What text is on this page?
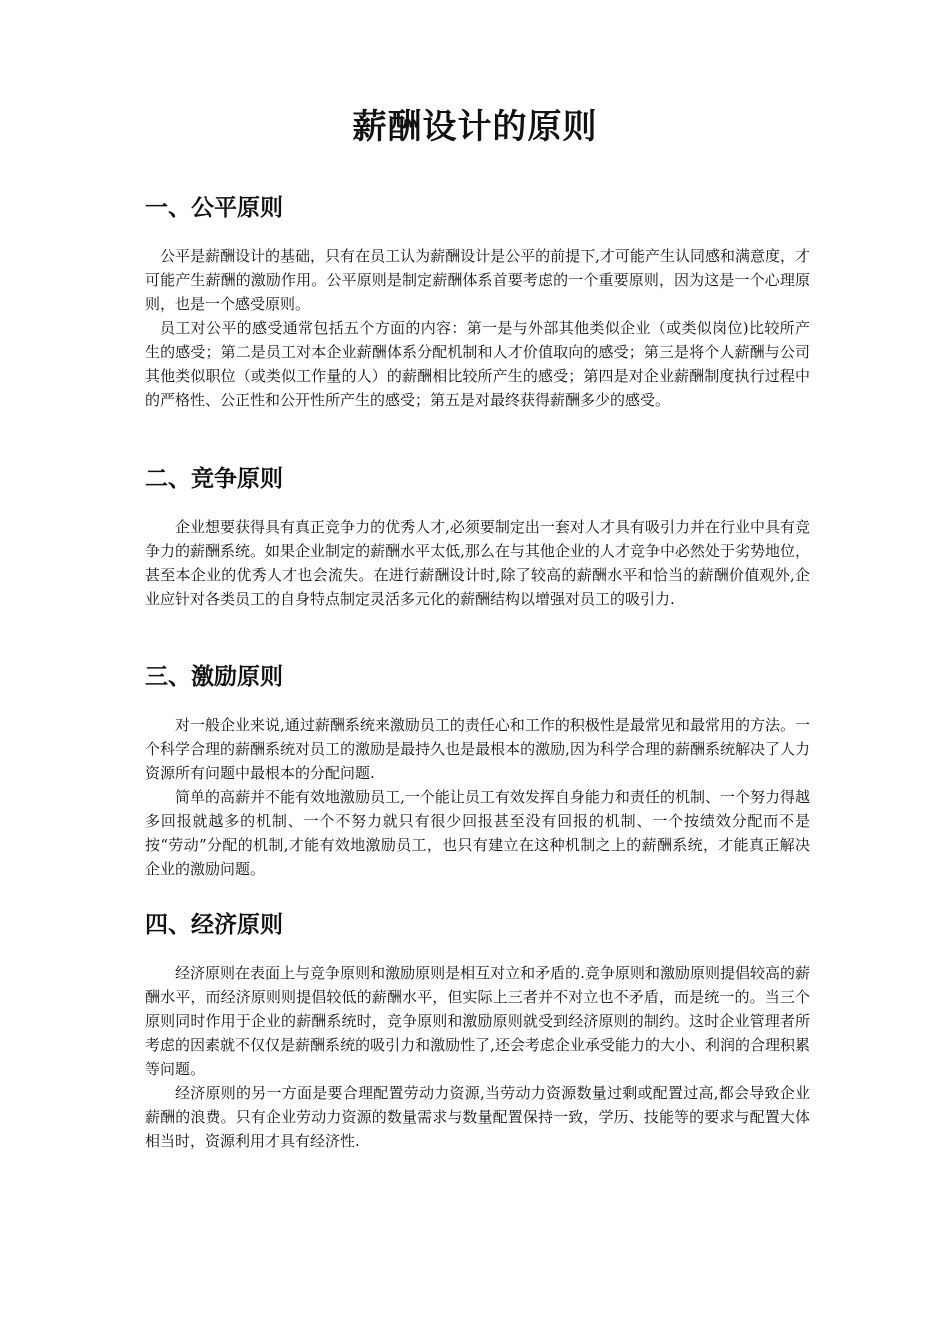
薪酬设计的原则
一、公平原则

公平是薪酬设计的基础，只有在员工认为薪酬设计是公平的前提下,才可能产生认同感和满意度，才可能产生薪酬的激励作用。公平原则是制定薪酬体系首要考虑的一个重要原则，因为这是一个心理原则，也是一个感受原则。

员工对公平的感受通常包括五个方面的内容：第一是与外部其他类似企业（或类似岗位)比较所产生的感受；第二是员工对本企业薪酬体系分配机制和人才价值取向的感受；第三是将个人薪酬与公司其他类似职位（或类似工作量的人）的薪酬相比较所产生的感受；第四是对企业薪酬制度执行过程中的严格性、公正性和公开性所产生的感受；第五是对最终获得薪酬多少的感受。

二、竞争原则

企业想要获得具有真正竞争力的优秀人才,必须要制定出一套对人才具有吸引力并在行业中具有竞争力的薪酬系统。如果企业制定的薪酬水平太低,那么在与其他企业的人才竞争中必然处于劣势地位，甚至本企业的优秀人才也会流失。在进行薪酬设计时,除了较高的薪酬水平和恰当的薪酬价值观外,企业应针对各类员工的自身特点制定灵活多元化的薪酬结构以增强对员工的吸引力.

三、激励原则

对一般企业来说,通过薪酬系统来激励员工的责任心和工作的积极性是最常见和最常用的方法。一个科学合理的薪酬系统对员工的激励是最持久也是最根本的激励,因为科学合理的薪酬系统解决了人力资源所有问题中最根本的分配问题.

简单的高薪并不能有效地激励员工,一个能让员工有效发挥自身能力和责任的机制、一个努力得越多回报就越多的机制、一个不努力就只有很少回报甚至没有回报的机制、一个按绩效分配而不是按“劳动”分配的机制,才能有效地激励员工，也只有建立在这种机制之上的薪酬系统，才能真正解决企业的激励问题。

四、经济原则

经济原则在表面上与竞争原则和激励原则是相互对立和矛盾的.竞争原则和激励原则提倡较高的薪酬水平，而经济原则则提倡较低的薪酬水平，但实际上三者并不对立也不矛盾，而是统一的。当三个原则同时作用于企业的薪酬系统时，竞争原则和激励原则就受到经济原则的制约。这时企业管理者所考虑的因素就不仅仅是薪酬系统的吸引力和激励性了,还会考虑企业承受能力的大小、利润的合理积累等问题。

经济原则的另一方面是要合理配置劳动力资源,当劳动力资源数量过剩或配置过高,都会导致企业薪酬的浪费。只有企业劳动力资源的数量需求与数量配置保持一致，学历、技能等的要求与配置大体相当时，资源利用才具有经济性.
